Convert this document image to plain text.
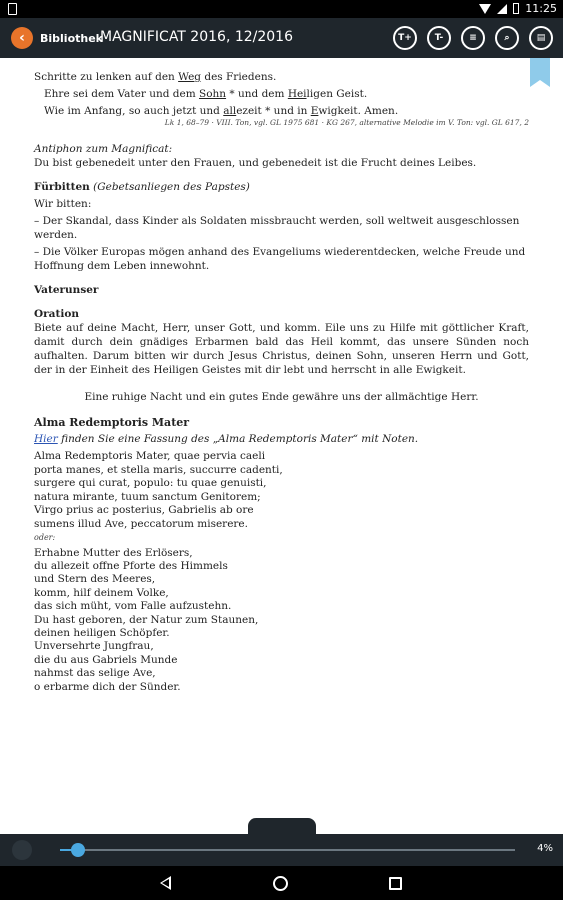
11:25
‹	Bibliothek
MAGNIFICAT 2016, 12/2016	T+	T-	≡	⌕	▤

Schritte zu lenken auf den Weg des Friedens.

Ehre sei dem Vater und dem Sohn * und dem Heiligen Geist.

Wie im Anfang, so auch jetzt und allezeit * und in Ewigkeit. Amen.

Lk 1, 68–79 · VIII. Ton, vgl. GL 1975 681 · KG 267, alternative Melodie im V. Ton: vgl. GL 617, 2

Antiphon zum Magnificat:

Du bist gebenedeit unter den Frauen, und gebenedeit ist die Frucht deines Leibes.

Fürbitten (Gebetsanliegen des Papstes)

Wir bitten:

– Der Skandal, dass Kinder als Soldaten missbraucht werden, soll weltweit ausgeschlossen werden.

– Die Völker Europas mögen anhand des Evangeliums wiederentdecken, welche Freude und Hoffnung dem Leben innewohnt.

Vaterunser

Oration

Biete auf deine Macht, Herr, unser Gott, und komm. Eile uns zu Hilfe mit göttlicher Kraft, damit durch dein gnädiges Erbarmen bald das Heil kommt, das unsere Sünden noch aufhalten. Darum bitten wir durch Jesus Christus, deinen Sohn, unseren Herrn und Gott, der in der Einheit des Heiligen Geistes mit dir lebt und herrscht in alle Ewigkeit.

Eine ruhige Nacht und ein gutes Ende gewähre uns der allmächtige Herr.

Alma Redemptoris Mater

Hier finden Sie eine Fassung des „Alma Redemptoris Mater“ mit Noten.

Alma Redemptoris Mater, quae pervia caeli

porta manes, et stella maris, succurre cadenti,

surgere qui curat, populo: tu quae genuisti,

natura mirante, tuum sanctum Genitorem;

Virgo prius ac posterius, Gabrielis ab ore

sumens illud Ave, peccatorum miserere.

oder:

Erhabne Mutter des Erlösers,

du allezeit offne Pforte des Himmels

und Stern des Meeres,

komm, hilf deinem Volke,

das sich müht, vom Falle aufzustehn.

Du hast geboren, der Natur zum Staunen,

deinen heiligen Schöpfer.

Unversehrte Jungfrau,

die du aus Gabriels Munde

nahmst das selige Ave,

o erbarme dich der Sünder.

4%
